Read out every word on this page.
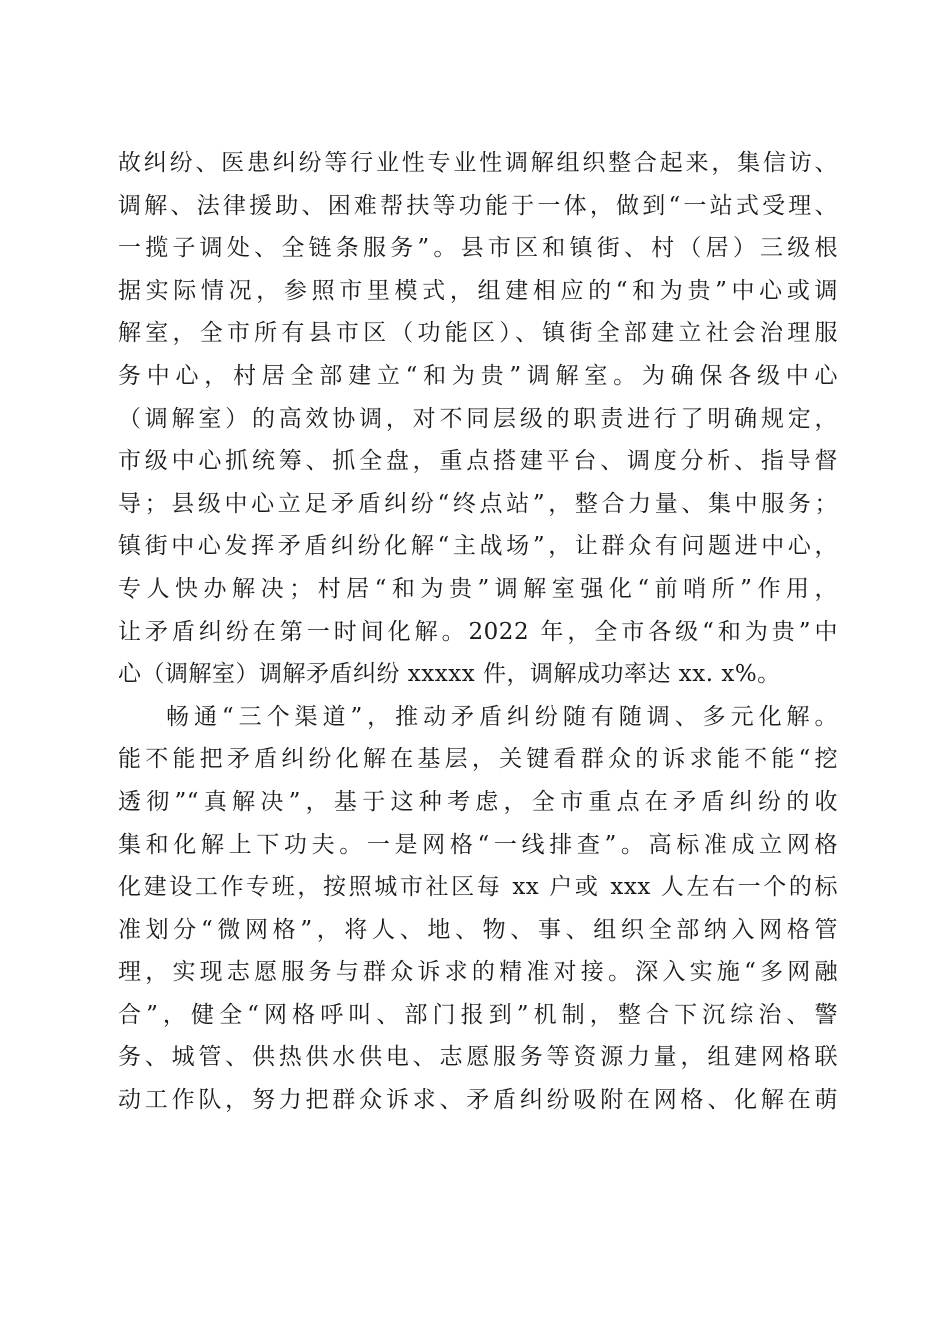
故纠纷、医患纠纷等行业性专业性调解组织整合起来，集信访、
调解、法律援助、困难帮扶等功能于一体，做到“一站式受理、
一揽子调处、全链条服务”。县市区和镇街、村（居）三级根
据实际情况，参照市里模式，组建相应的“和为贵”中心或调
解室，全市所有县市区（功能区）、镇街全部建立社会治理服
务中心，村居全部建立“和为贵”调解室。为确保各级中心
（调解室）的高效协调，对不同层级的职责进行了明确规定，
市级中心抓统筹、抓全盘，重点搭建平台、调度分析、指导督
导；县级中心立足矛盾纠纷“终点站”，整合力量、集中服务；
镇街中心发挥矛盾纠纷化解“主战场”，让群众有问题进中心，
专人快办解决；村居“和为贵”调解室强化“前哨所”作用，
让矛盾纠纷在第一时间化解。2022 年，全市各级“和为贵”中
心（调解室）调解矛盾纠纷 xxxxx 件，调解成功率达 xx. x%。
畅通“三个渠道”，推动矛盾纠纷随有随调、多元化解。
能不能把矛盾纠纷化解在基层，关键看群众的诉求能不能“挖
透彻”“真解决”，基于这种考虑，全市重点在矛盾纠纷的收
集和化解上下功夫。一是网格“一线排查”。高标准成立网格
化建设工作专班，按照城市社区每 xx 户或 xxx 人左右一个的标
准划分“微网格”，将人、地、物、事、组织全部纳入网格管
理，实现志愿服务与群众诉求的精准对接。深入实施“多网融
合”，健全“网格呼叫、部门报到”机制，整合下沉综治、警
务、城管、供热供水供电、志愿服务等资源力量，组建网格联
动工作队，努力把群众诉求、矛盾纠纷吸附在网格、化解在萌
